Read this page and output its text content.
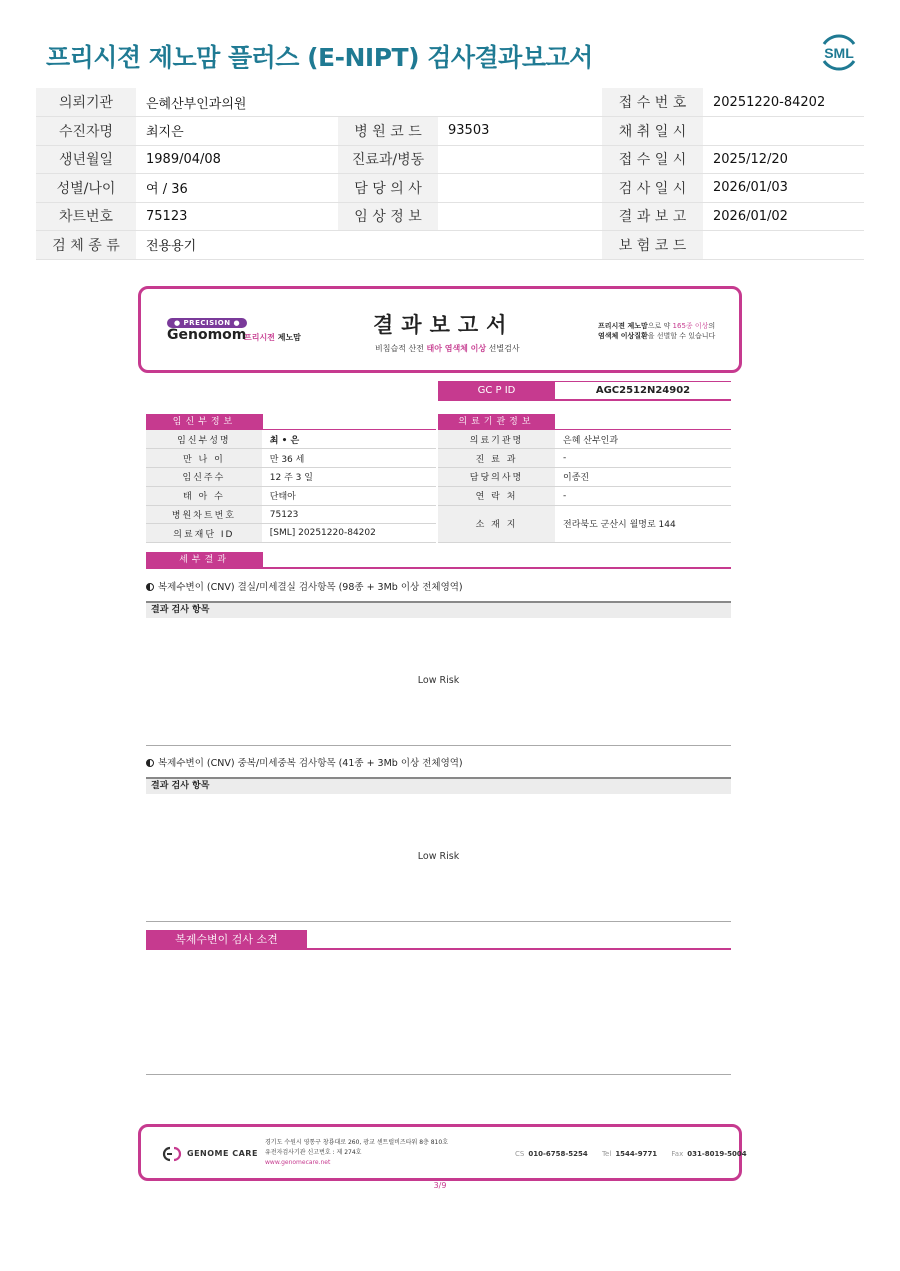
프리시젼 제노맘 플러스 (E-NIPT) 검사결과보고서	SML
의뢰기관	은혜산부인과의원			접 수 번 호	20251220-84202
수진자명	최지은	병 원 코 드	93503	채 취 일 시	
생년월일	1989/04/08	진료과/병동		접 수 일 시	2025/12/20
성별/나이	여 / 36	담 당 의 사		검 사 일 시	2026/01/03
차트번호	75123	임 상 정 보		결 과 보 고	2026/01/02
검 체 종 류	전용용기			보 험 코 드	
● PRECISION ●
Genomom
프리시젼 제노맘
결과보고서
비침습적 산전 태아 염색체 이상 선별검사
프리시젼 제노맘으로 약 165종 이상의
염색체 이상질환을 선별할 수 있습니다
GC P ID	AGC2512N24902
임신부정보	의료기관정보
임신부성명	최 • 은
만 나 이	만 36 세
임신주수	12 주 3 일
태 아 수	단태아
병원차트번호	75123
의료재단 ID	[SML] 20251220-84202
의료기관명	은혜 산부인과
진 료 과	-
담당의사명	이종진
연 락 처	-
소 재 지	전라북도 군산시 월명로 144
세부결과
복제수변이 (CNV) 결실/미세결실 검사항목 (98종 + 3Mb 이상 전체영역)
결과 검사 항목
Low Risk
복제수변이 (CNV) 중복/미세중복 검사항목 (41종 + 3Mb 이상 전체영역)
결과 검사 항목
Low Risk
복제수변이 검사 소견
GENOME CARE
경기도 수원시 영통구 창룡대로 260, 광교 센트럴비즈타워 8층 810호
유전자검사기관 신고번호 : 제 274호
www.genomecare.net
CS 010-6758-5254 Tel 1544-9771 Fax 031-8019-5004
3/9
